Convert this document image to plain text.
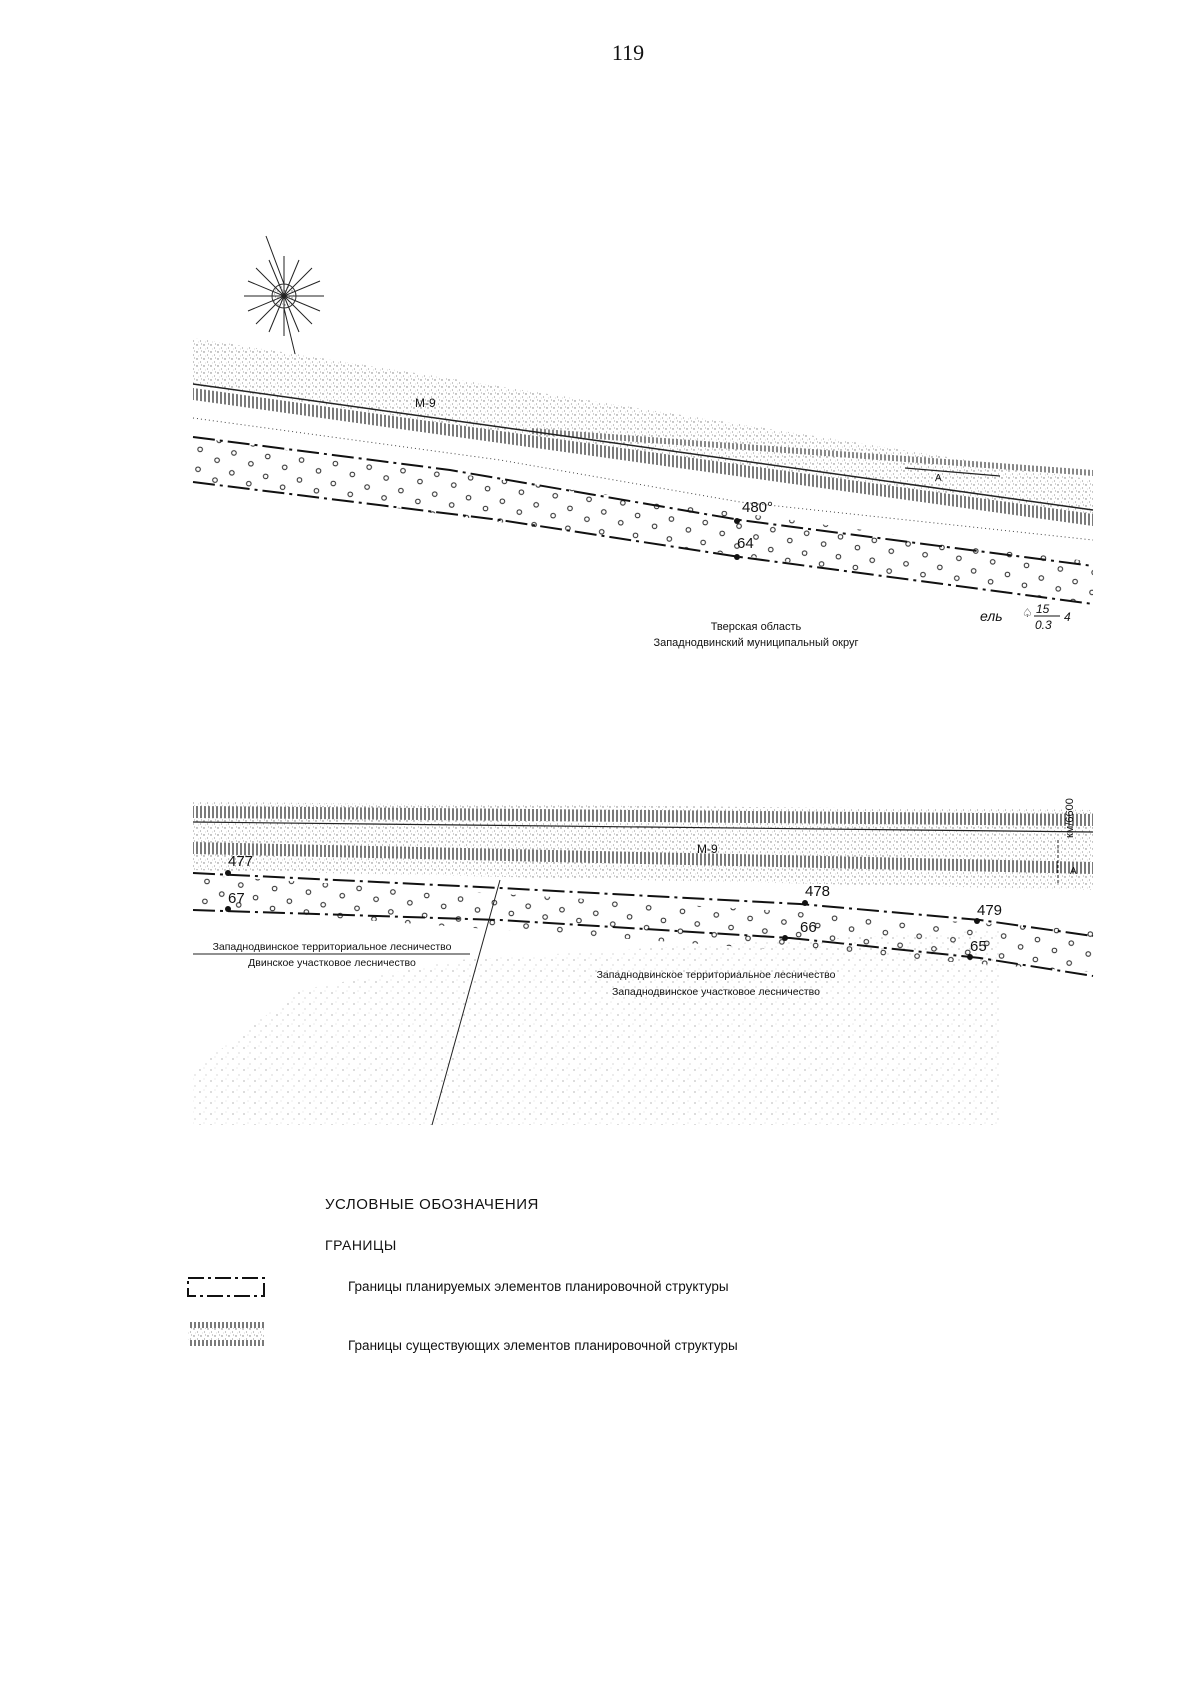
119
А
М-9
480°
64
ель ♤ 15
0.3
4
Тверская область
Западнодвинский муниципальный округ
км/6600
А
М-9
477
67	478
66
479
65
Западнодвинское территориальное лесничество
Двинское участковое лесничество
Западнодвинское территориальное лесничество
Западнодвинское участковое лесничество
УСЛОВНЫЕ ОБОЗНАЧЕНИЯ
ГРАНИЦЫ
Границы планируемых элементов планировочной структуры
Границы существующих элементов планировочной структуры
